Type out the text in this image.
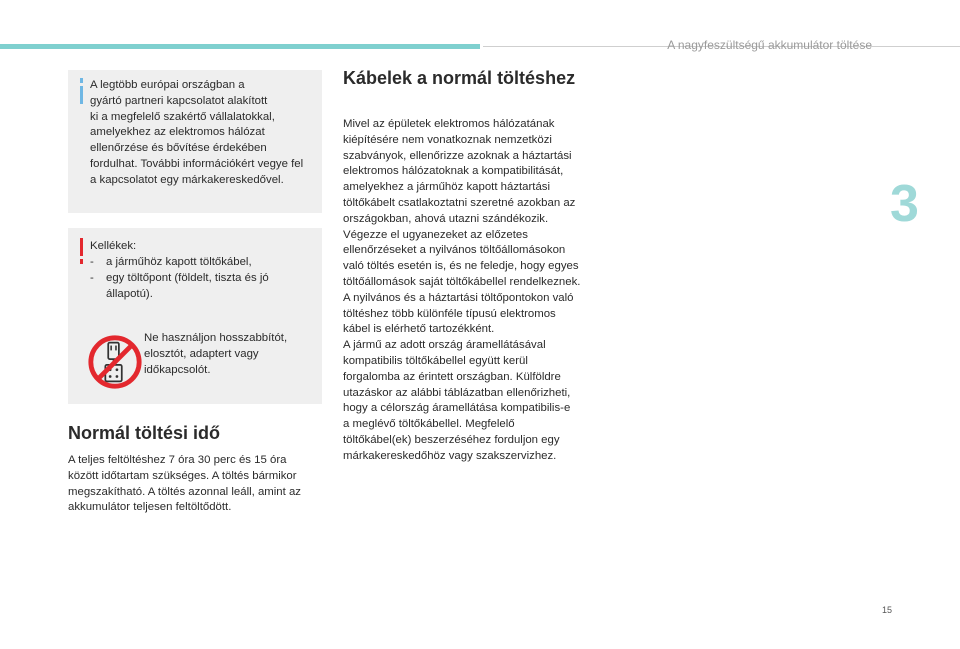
A nagyfeszültségű akkumulátor töltése
3
A legtöbb európai országban a
gyártó partneri kapcsolatot alakított
ki a megfelelő szakértő vállalatokkal,
amelyekhez az elektromos hálózat
ellenőrzése és bővítése érdekében
fordulhat. További információkért vegye fel
a kapcsolatot egy márkakereskedővel.
Kellékek:
- a járműhöz kapott töltőkábel,
- egy töltőpont (földelt, tiszta és jó
állapotú).
Ne használjon hosszabbítót,
elosztót, adaptert vagy
időkapcsolót.
Normál töltési idő
A teljes feltöltéshez 7 óra 30 perc és 15 óra
között időtartam szükséges. A töltés bármikor
megszakítható. A töltés azonnal leáll, amint az
akkumulátor teljesen feltöltődött.
Kábelek a normál töltéshez
Mivel az épületek elektromos hálózatának
kiépítésére nem vonatkoznak nemzetközi
szabványok, ellenőrizze azoknak a háztartási
elektromos hálózatoknak a kompatibilitását,
amelyekhez a járműhöz kapott háztartási
töltőkábelt csatlakoztatni szeretné azokban az
országokban, ahová utazni szándékozik.
Végezze el ugyanezeket az előzetes
ellenőrzéseket a nyilvános töltőállomásokon
való töltés esetén is, és ne feledje, hogy egyes
töltőállomások saját töltőkábellel rendelkeznek.
A nyilvános és a háztartási töltőpontokon való
töltéshez több különféle típusú elektromos
kábel is elérhető tartozékként.
A jármű az adott ország áramellátásával
kompatibilis töltőkábellel együtt kerül
forgalomba az érintett országban. Külföldre
utazáskor az alábbi táblázatban ellenőrizheti,
hogy a célország áramellátása kompatibilis-e
a meglévő töltőkábellel. Megfelelő
töltőkábel(ek) beszerzéséhez forduljon egy
márkakereskedőhöz vagy szakszervizhez.
15
